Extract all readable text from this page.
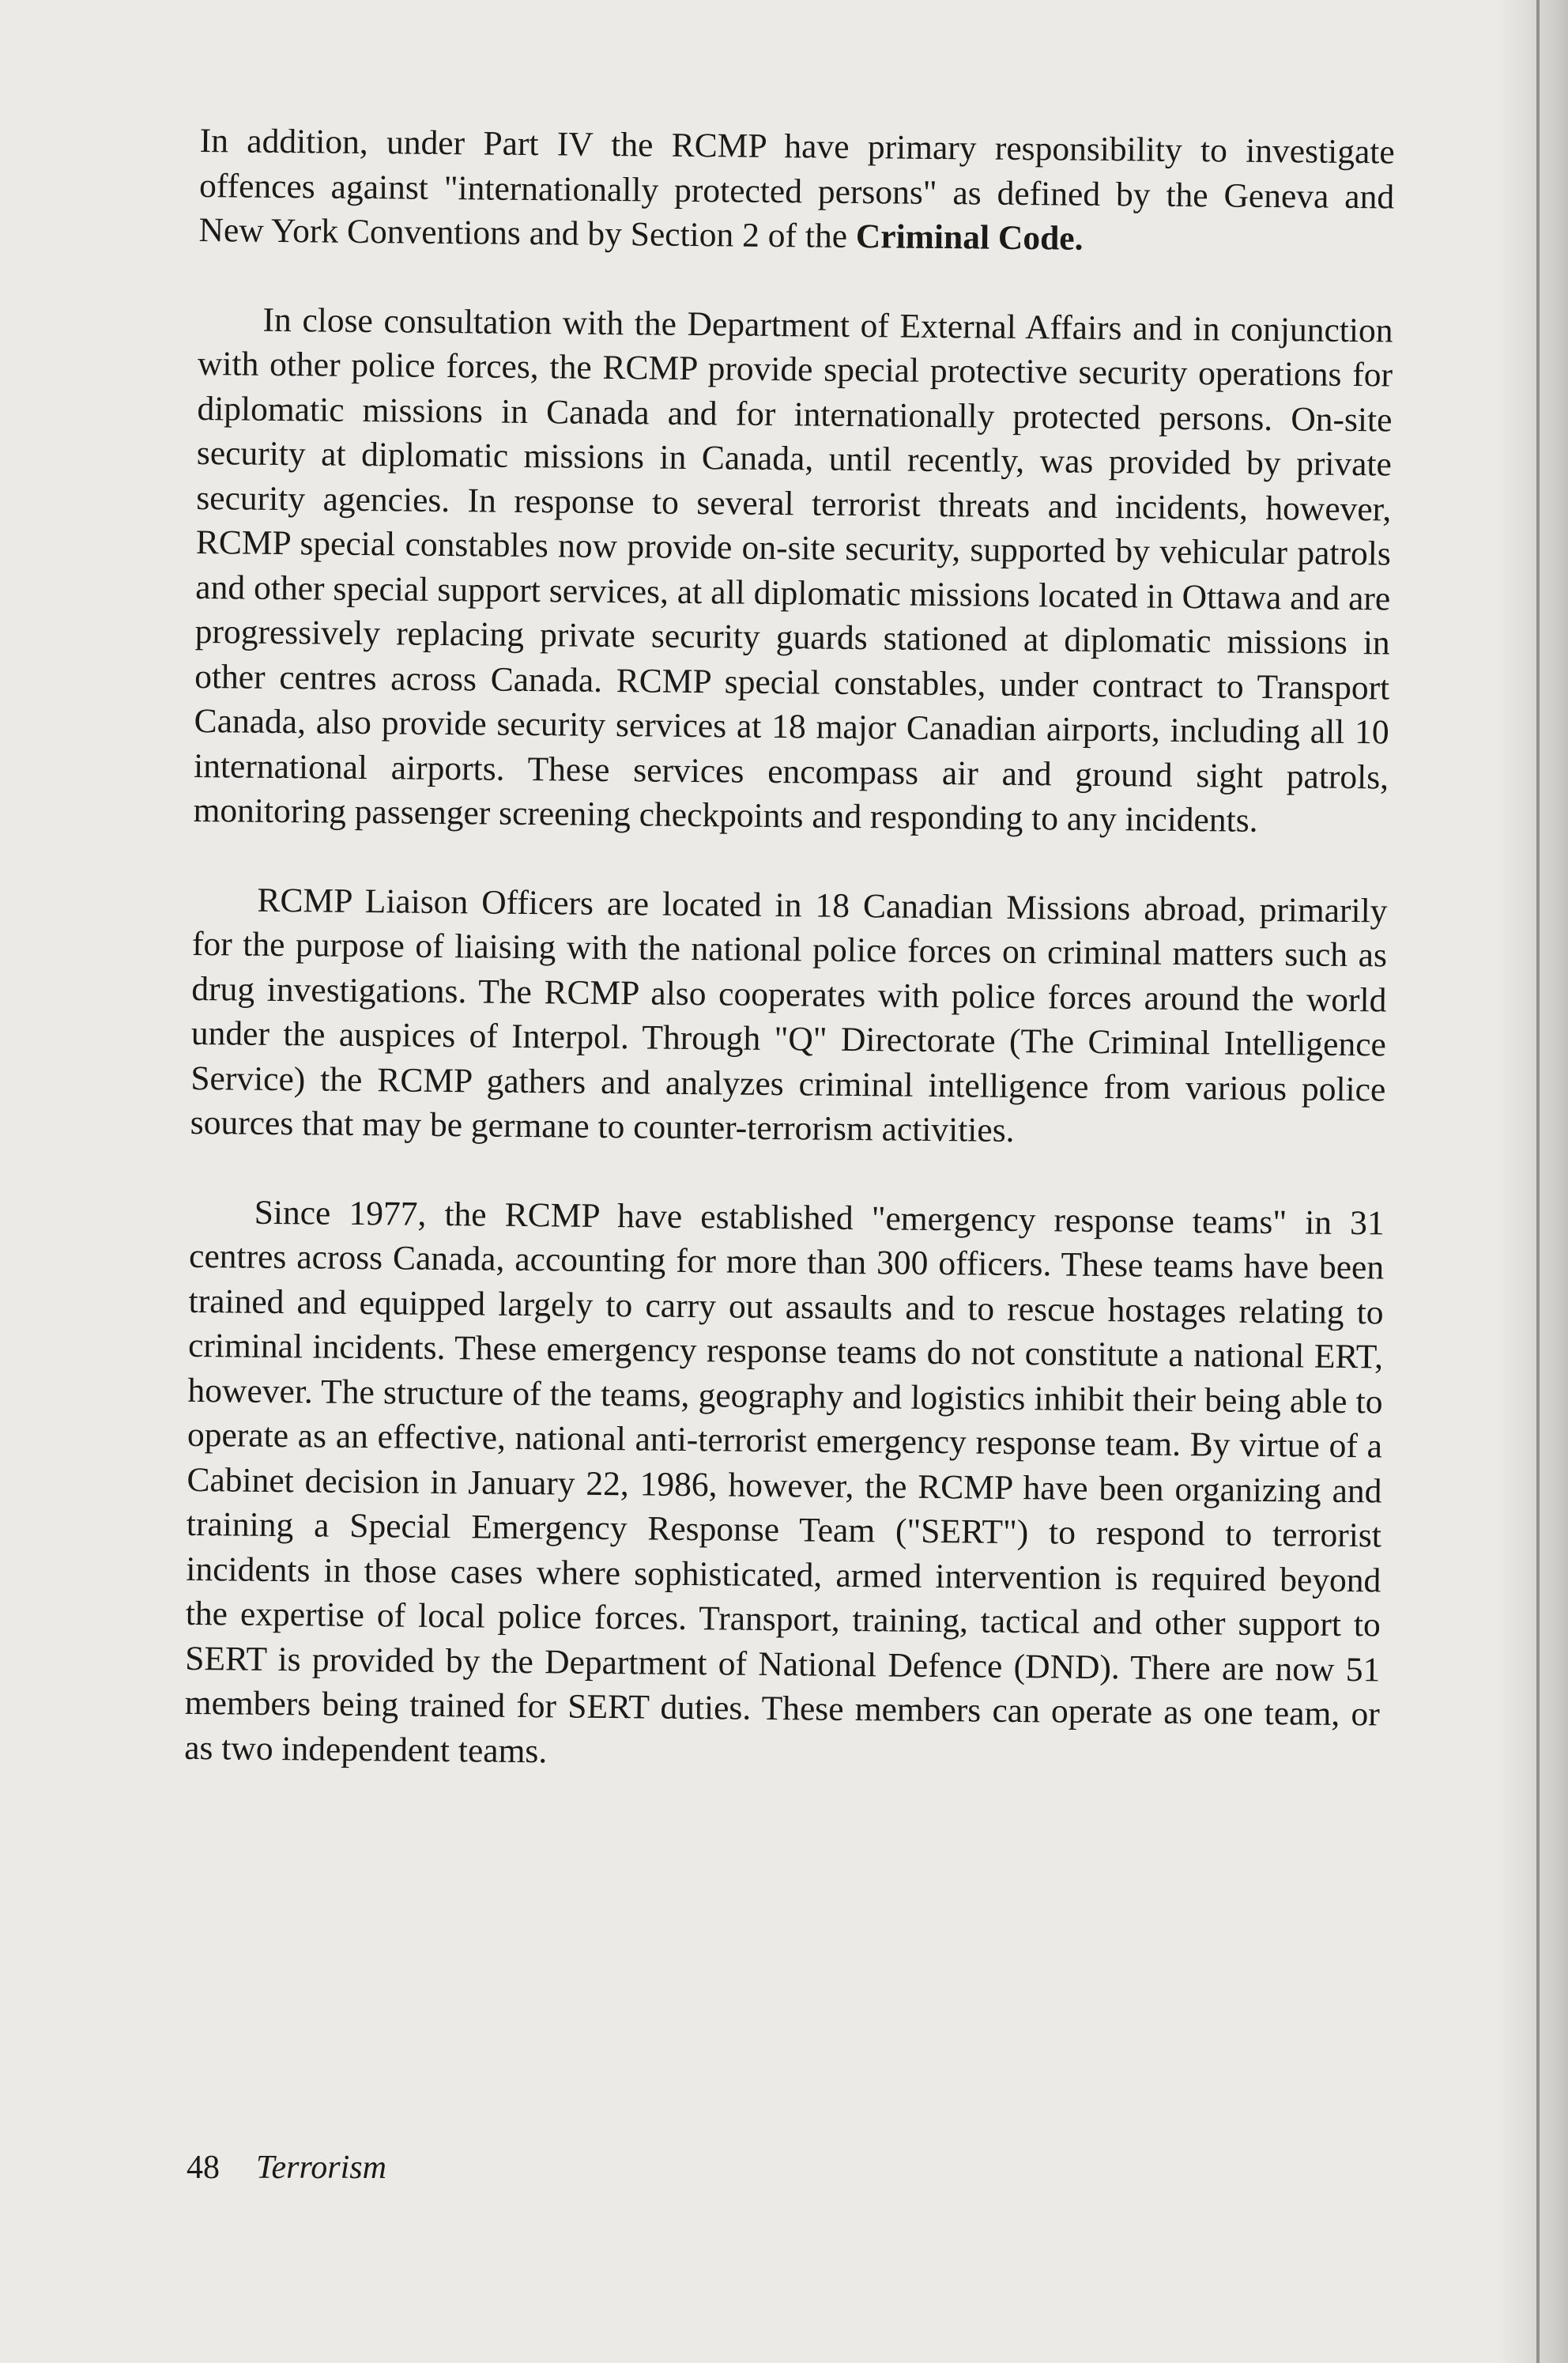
In addition, under Part IV the RCMP have primary responsibility to investigate offences against "internationally protected persons" as defined by the Geneva and New York Conventions and by Section 2 of the Criminal Code.

In close consultation with the Department of External Affairs and in conjunction with other police forces, the RCMP provide special protective security operations for diplomatic missions in Canada and for internationally protected persons. On-site security at diplomatic missions in Canada, until recently, was provided by private security agencies. In response to several terrorist threats and incidents, however, RCMP special constables now provide on-site security, supported by vehicular patrols and other special support services, at all diplomatic missions located in Ottawa and are progressively replacing private security guards stationed at diplomatic missions in other centres across Canada. RCMP special constables, under contract to Transport Canada, also provide security services at 18 major Canadian airports, including all 10 international airports. These services encompass air and ground sight patrols, monitoring passenger screening checkpoints and responding to any incidents.

RCMP Liaison Officers are located in 18 Canadian Missions abroad, primarily for the purpose of liaising with the national police forces on criminal matters such as drug investigations. The RCMP also cooperates with police forces around the world under the auspices of Interpol. Through "Q" Directorate (The Criminal Intelligence Service) the RCMP gathers and analyzes criminal intelligence from various police sources that may be germane to counter-terrorism activities.

Since 1977, the RCMP have established "emergency response teams" in 31 centres across Canada, accounting for more than 300 officers. These teams have been trained and equipped largely to carry out assaults and to rescue hostages relating to criminal incidents. These emergency response teams do not constitute a national ERT, however. The structure of the teams, geography and logistics inhibit their being able to operate as an effective, national anti-terrorist emergency response team. By virtue of a Cabinet decision in January 22, 1986, however, the RCMP have been organizing and training a Special Emergency Response Team ("SERT") to respond to terrorist incidents in those cases where sophisticated, armed intervention is required beyond the expertise of local police forces. Transport, training, tactical and other support to SERT is provided by the Department of National Defence (DND). There are now 51 members being trained for SERT duties. These members can operate as one team, or as two independent teams.

48 Terrorism
